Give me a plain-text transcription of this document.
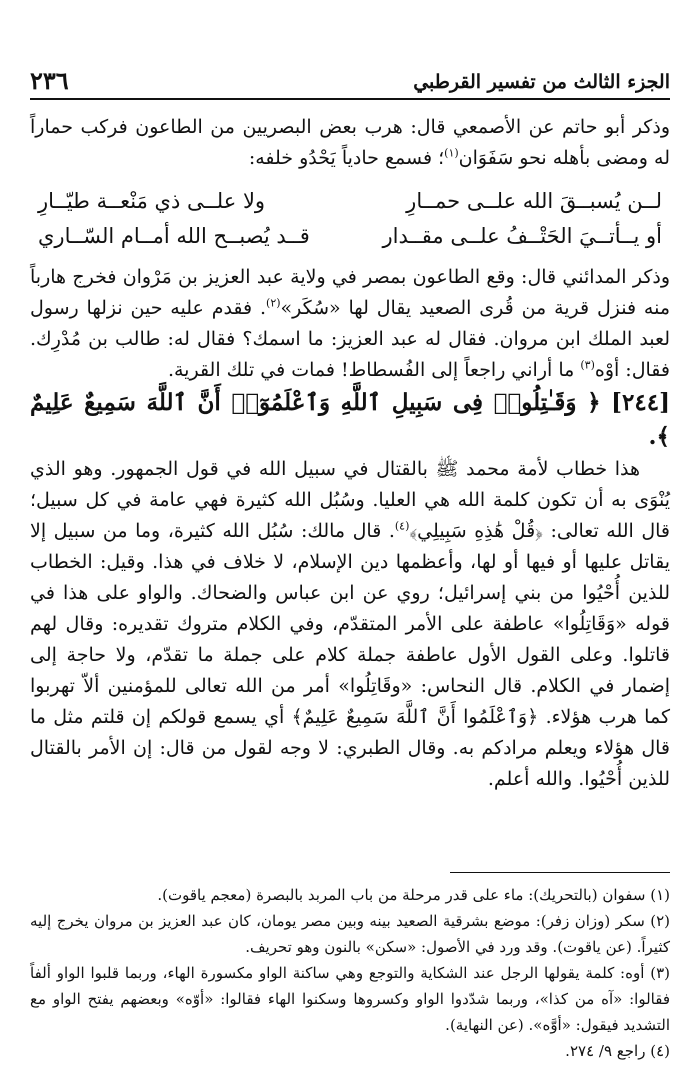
الجزء الثالث من تفسير القرطبي
٢٣٦

وذكر أبو حاتم عن الأصمعي قال: هرب بعض البصريين من الطاعون فركب حماراً له ومضى بأهله نحو سَفَوَان$^{(١)}$؛ فسمع حادياً يَحْدُو خلفه:

لــن يُسبــقَ الله علــى حمــارِ
ولا علــى ذي مَنْعــة طيّــارِ
أو يــأتــيَ الحَتْــفُ علــى مقــدار
قــد يُصبــح الله أمــام السّــاري

وذكر المدائني قال: وقع الطاعون بمصر في ولاية عبد العزيز بن مَرْوان فخرج هارباً منه فنزل قرية من قُرى الصعيد يقال لها «سُكَر»$^{(٢)}$. فقدم عليه حين نزلها رسول لعبد الملك ابن مروان. فقال له عبد العزيز: ما اسمك؟ فقال له: طالب بن مُدْرِك. فقال: أوْه$^{(٣)}$ ما أراني راجعاً إلى الفُسطاط! فمات في تلك القرية.

[٢٤٤] ﴿ وَقَـٰتِلُوا۟ فِى سَبِيلِ ٱللَّهِ وَٱعْلَمُوٓا۟ أَنَّ ٱللَّهَ سَمِيعٌ عَلِيمٌ ﴾.

هذا خطاب لأمة محمد ﷺ بالقتال في سبيل الله في قول الجمهور. وهو الذي يُنْوَى به أن تكون كلمة الله هي العليا. وسُبُل الله كثيرة فهي عامة في كل سبيل؛ قال الله تعالى: ﴿قُلْ هَٰذِهِ سَبِيلِي﴾$^{(٤)}$. قال مالك: سُبُل الله كثيرة، وما من سبيل إلا يقاتل عليها أو فيها أو لها، وأعظمها دين الإسلام، لا خلاف في هذا. وقيل: الخطاب للذين أُحْيُوا من بني إسرائيل؛ روي عن ابن عباس والضحاك. والواو على هذا في قوله «وَقَاتِلُوا» عاطفة على الأمر المتقدّم، وفي الكلام متروك تقديره: وقال لهم قاتلوا. وعلى القول الأول عاطفة جملة كلام على جملة ما تقدّم، ولا حاجة إلى إضمار في الكلام. قال النحاس: «وقَاتِلُوا» أمر من الله تعالى للمؤمنين ألاّ تهربوا كما هرب هؤلاء. ﴿وَٱعْلَمُوا أَنَّ ٱللَّهَ سَمِيعٌ عَلِيمٌ﴾ أي يسمع قولكم إن قلتم مثل ما قال هؤلاء ويعلم مرادكم به. وقال الطبري: لا وجه لقول من قال: إن الأمر بالقتال للذين أُحْيُوا. والله أعلم.

(١) سفوان (بالتحريك): ماء على قدر مرحلة من باب المربد بالبصرة (معجم ياقوت).

(٢) سكر (وزان زفر): موضع بشرقية الصعيد بينه وبين مصر يومان، كان عبد العزيز بن مروان يخرج إليه كثيراً. (عن ياقوت). وقد ورد في الأصول: «سكن» بالنون وهو تحريف.

(٣) أوه: كلمة يقولها الرجل عند الشكاية والتوجع وهي ساكنة الواو مكسورة الهاء، وربما قلبوا الواو ألفاً فقالوا: «آه من كذا»، وربما شدّدوا الواو وكسروها وسكنوا الهاء فقالوا: «أوّه» وبعضهم يفتح الواو مع التشديد فيقول: «أوَّه». (عن النهاية).

(٤) راجع ٩/ ٢٧٤.
